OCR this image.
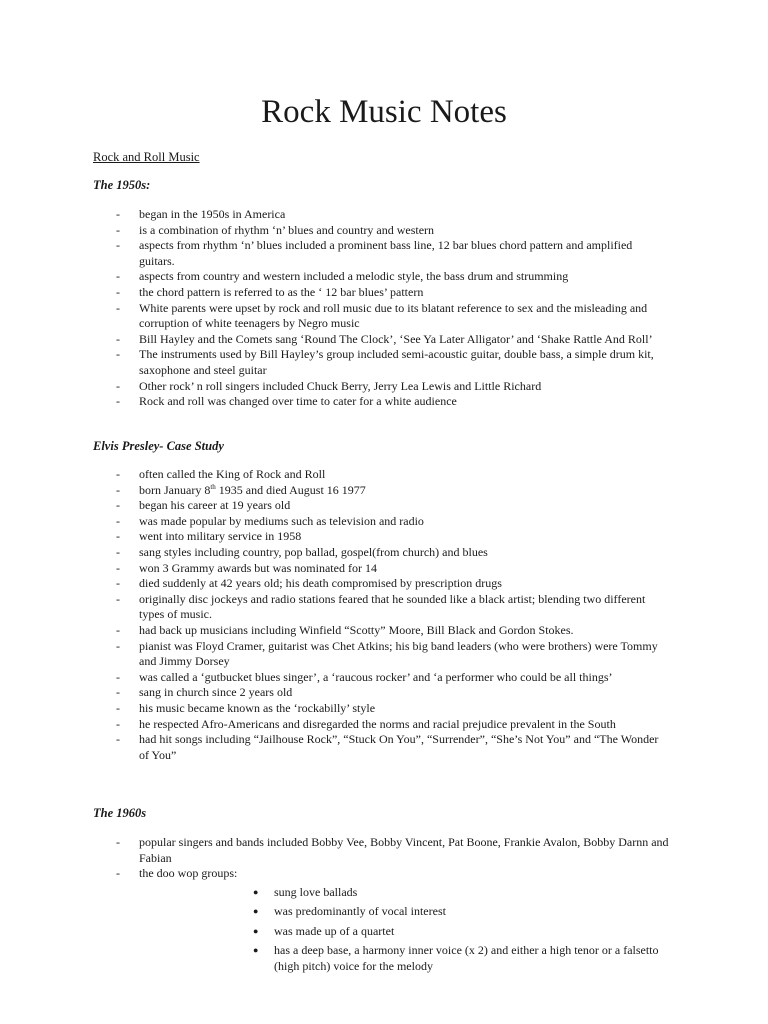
Rock Music Notes
Rock and Roll Music
The 1950s:
- began in the 1950s in America
- is a combination of rhythm ‘n’ blues and country and western
- aspects from rhythm ‘n’ blues included a prominent bass line, 12 bar blues chord pattern and amplified guitars.
- aspects from country and western included a melodic style, the bass drum and strumming
- the chord pattern is referred to as the ‘ 12 bar blues’ pattern
- White parents were upset by rock and roll music due to its blatant reference to sex and the misleading and corruption of white teenagers by Negro music
- Bill Hayley and the Comets sang ‘Round The Clock’, ‘See Ya Later Alligator’ and ‘Shake Rattle And Roll’
- The instruments used by Bill Hayley’s group included semi-acoustic guitar, double bass, a simple drum kit, saxophone and steel guitar
- Other rock’ n roll singers included Chuck Berry, Jerry Lea Lewis and Little Richard
- Rock and roll was changed over time to cater for a white audience
Elvis Presley- Case Study
- often called the King of Rock and Roll
- born January 8th 1935 and died August 16 1977
- began his career at 19 years old
- was made popular by mediums such as television and radio
- went into military service in 1958
- sang styles including country, pop ballad, gospel(from church) and blues
- won 3 Grammy awards but was nominated for 14
- died suddenly at 42 years old; his death compromised by prescription drugs
- originally disc jockeys and radio stations feared that he sounded like a black artist; blending two different types of music.
- had back up musicians including Winfield “Scotty” Moore, Bill Black and Gordon Stokes.
- pianist was Floyd Cramer, guitarist was Chet Atkins; his big band leaders (who were brothers) were Tommy and Jimmy Dorsey
- was called a ‘gutbucket blues singer’, a ‘raucous rocker’ and ‘a performer who could be all things’
- sang in church since 2 years old
- his music became known as the ‘rockabilly’ style
- he respected Afro-Americans and disregarded the norms and racial prejudice prevalent in the South
- had hit songs including “Jailhouse Rock”, “Stuck On You”, “Surrender”, “She’s Not You” and “The Wonder of You”
The 1960s
- popular singers and bands included Bobby Vee, Bobby Vincent, Pat Boone, Frankie Avalon, Bobby Darnn and Fabian
- the doo wop groups:
● sung love ballads
● was predominantly of vocal interest
● was made up of a quartet
● has a deep base, a harmony inner voice (x 2) and either a high tenor or a falsetto (high pitch) voice for the melody
